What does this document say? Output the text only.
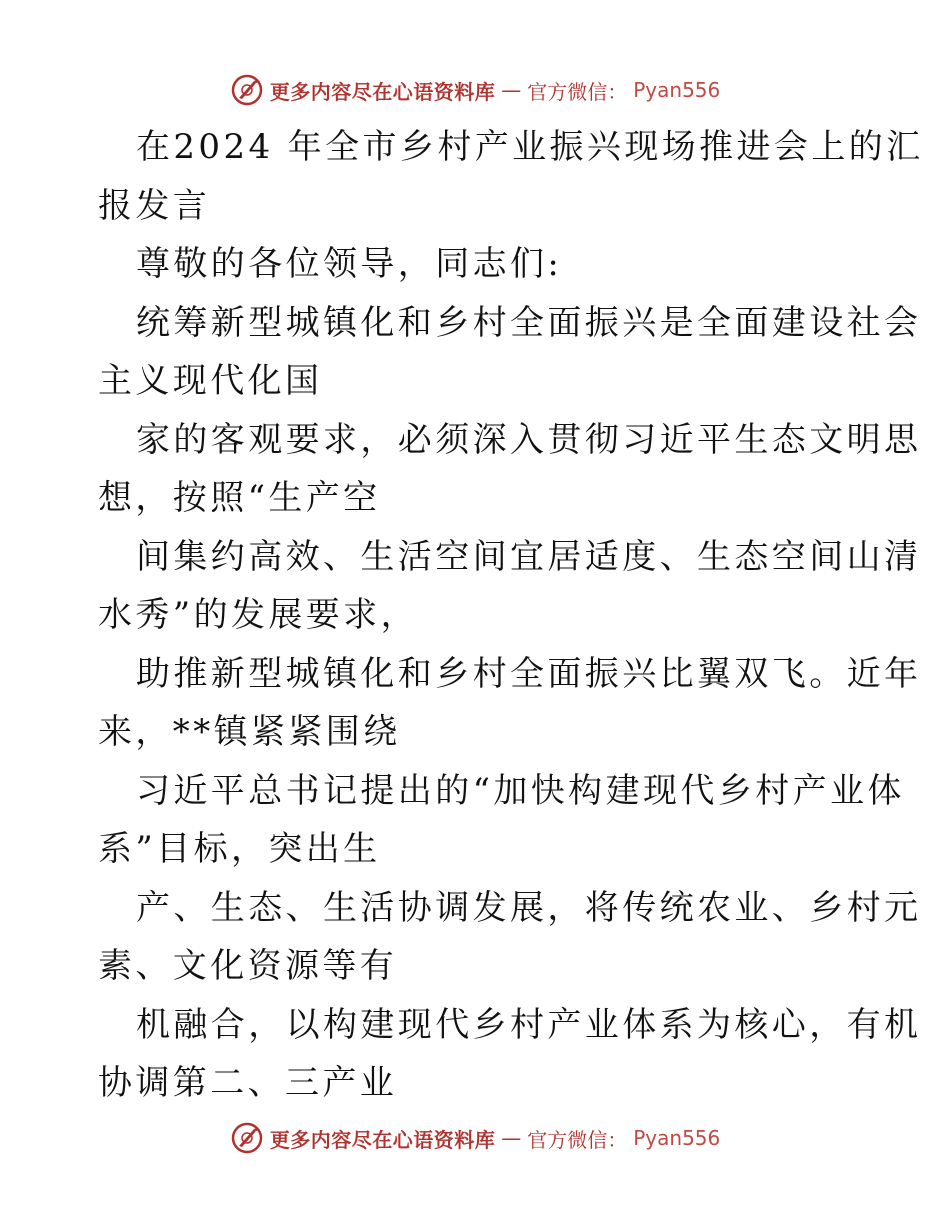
更多内容尽在心语资料库 — 官方微信： Pyan556
在2024 年全市乡村产业振兴现场推进会上的汇
报发言
尊敬的各位领导，同志们:
统筹新型城镇化和乡村全面振兴是全面建设社会
主义现代化国
家的客观要求，必须深入贯彻习近平生态文明思
想，按照“生产空
间集约高效、生活空间宜居适度、生态空间山清
水秀”的发展要求，
助推新型城镇化和乡村全面振兴比翼双飞。近年
来，**镇紧紧围绕
习近平总书记提出的“加快构建现代乡村产业体
系”目标，突出生
产、生态、生活协调发展，将传统农业、乡村元
素、文化资源等有
机融合，以构建现代乡村产业体系为核心，有机
协调第二、三产业
更多内容尽在心语资料库 — 官方微信： Pyan556
